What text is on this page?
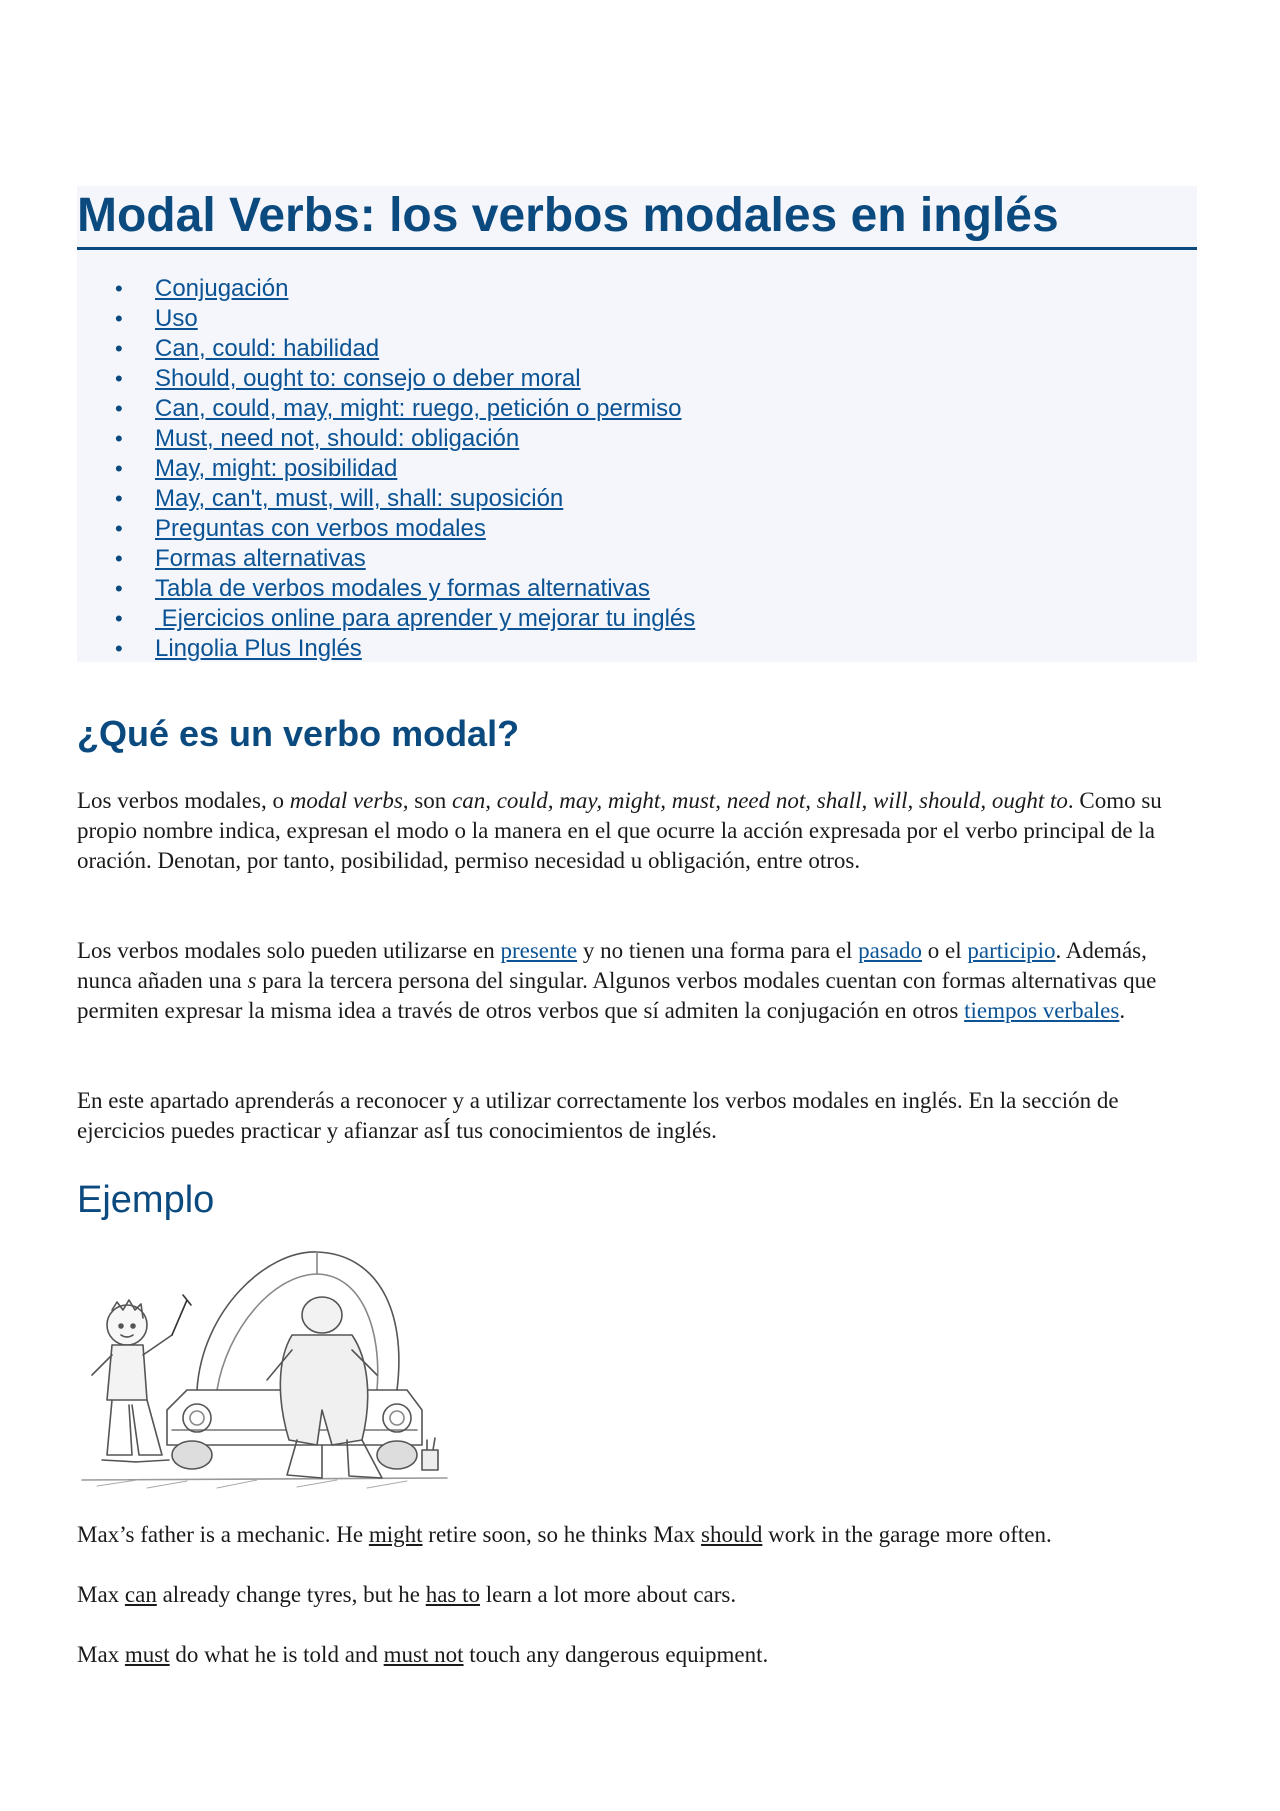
Modal Verbs: los verbos modales en inglés
• Conjugación
• Uso
• Can, could: habilidad
• Should, ought to: consejo o deber moral
• Can, could, may, might: ruego, petición o permiso
• Must, need not, should: obligación
• May, might: posibilidad
• May, can't, must, will, shall: suposición
• Preguntas con verbos modales
• Formas alternativas
• Tabla de verbos modales y formas alternativas
• Ejercicios online para aprender y mejorar tu inglés
• Lingolia Plus Inglés
¿Qué es un verbo modal?

Los verbos modales, o modal verbs, son can, could, may, might, must, need not, shall, will, should, ought to. Como su propio nombre indica, expresan el modo o la manera en el que ocurre la acción expresada por el verbo principal de la oración. Denotan, por tanto, posibilidad, permiso necesidad u obligación, entre otros.

Los verbos modales solo pueden utilizarse en presente y no tienen una forma para el pasado o el participio. Además, nunca añaden una s para la tercera persona del singular. Algunos verbos modales cuentan con formas alternativas que permiten expresar la misma idea a través de otros verbos que sí admiten la conjugación en otros tiempos verbales.

En este apartado aprenderás a reconocer y a utilizar correctamente los verbos modales en inglés. En la sección de ejercicios puedes practicar y afianzar asÍ tus conocimientos de inglés.

Ejemplo

Max’s father is a mechanic. He might retire soon, so he thinks Max should work in the garage more often.

Max can already change tyres, but he has to learn a lot more about cars.

Max must do what he is told and must not touch any dangerous equipment.
